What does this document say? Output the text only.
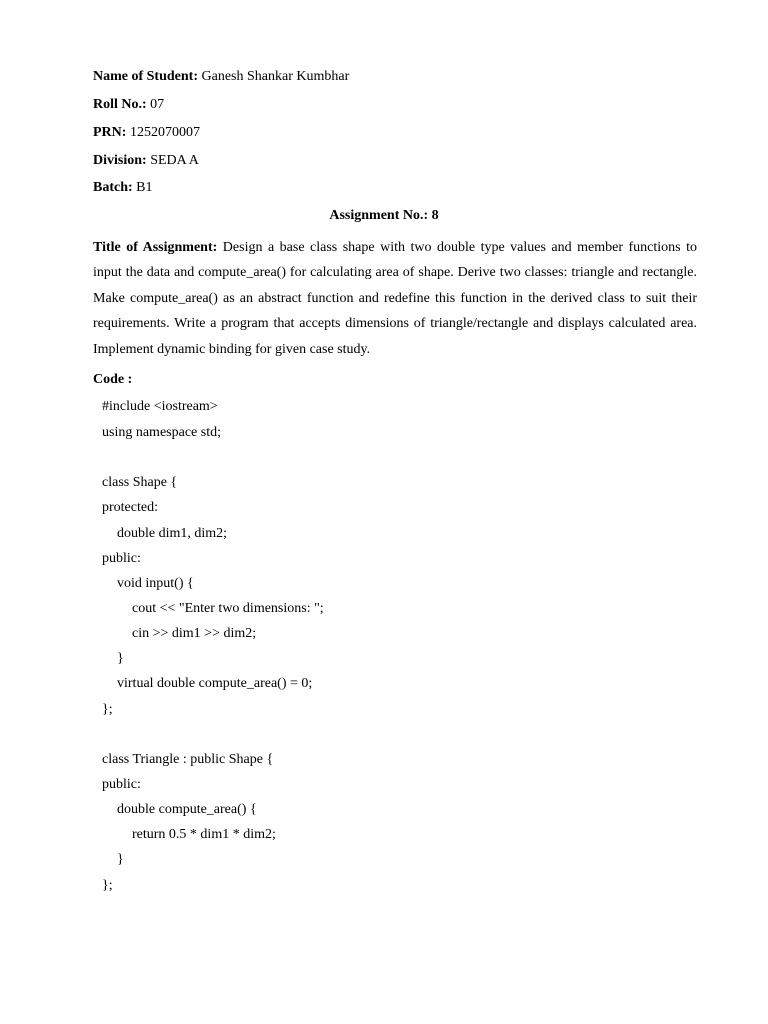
Name of Student: Ganesh Shankar Kumbhar
Roll No.: 07
PRN: 1252070007
Division: SEDA A
Batch: B1
Assignment No.: 8
Title of Assignment: Design a base class shape with two double type values and member functions to input the data and compute_area() for calculating area of shape. Derive two classes: triangle and rectangle. Make compute_area() as an abstract function and redefine this function in the derived class to suit their requirements. Write a program that accepts dimensions of triangle/rectangle and displays calculated area. Implement dynamic binding for given case study.
Code :
#include <iostream>
using namespace std;
class Shape {
protected:
double dim1, dim2;
public:
void input() {
cout << "Enter two dimensions: ";
cin >> dim1 >> dim2;
}
virtual double compute_area() = 0;
};
class Triangle : public Shape {
public:
double compute_area() {
return 0.5 * dim1 * dim2;
}
};
